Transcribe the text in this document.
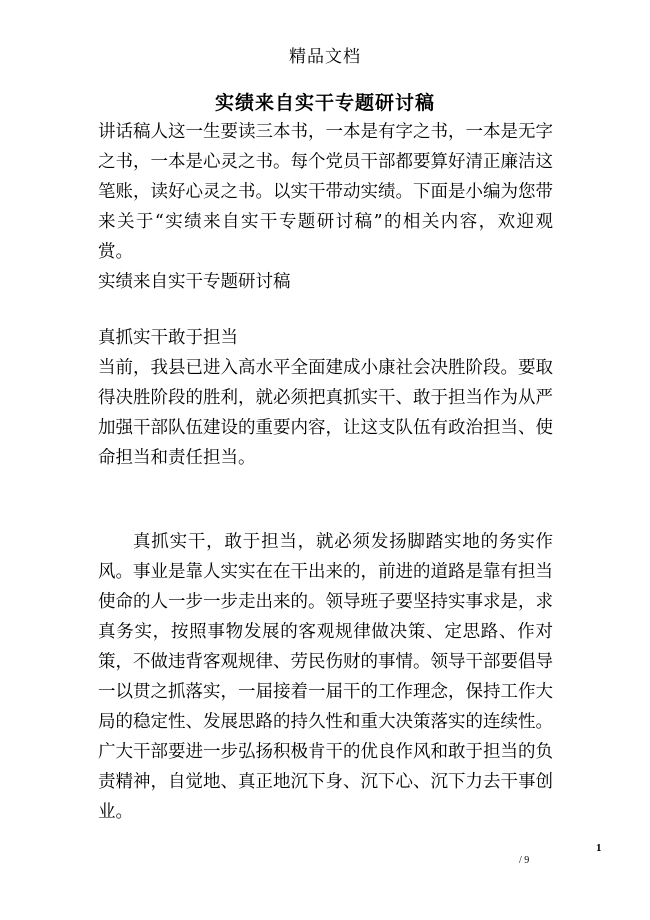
精品文档
实绩来自实干专题研讨稿
讲话稿人这一生要读三本书，一本是有字之书，一本是无字之书，一本是心灵之书。每个党员干部都要算好清正廉洁这笔账，读好心灵之书。以实干带动实绩。下面是小编为您带来关于“实绩来自实干专题研讨稿”的相关内容，欢迎观赏。
实绩来自实干专题研讨稿
真抓实干敢于担当
当前，我县已进入高水平全面建成小康社会决胜阶段。要取得决胜阶段的胜利，就必须把真抓实干、敢于担当作为从严加强干部队伍建设的重要内容，让这支队伍有政治担当、使命担当和责任担当。
真抓实干，敢于担当，就必须发扬脚踏实地的务实作风。事业是靠人实实在在干出来的，前进的道路是靠有担当使命的人一步一步走出来的。领导班子要坚持实事求是，求真务实，按照事物发展的客观规律做决策、定思路、作对策，不做违背客观规律、劳民伤财的事情。领导干部要倡导一以贯之抓落实，一届接着一届干的工作理念，保持工作大局的稳定性、发展思路的持久性和重大决策落实的连续性。广大干部要进一步弘扬积极肯干的优良作风和敢于担当的负责精神，自觉地、真正地沉下身、沉下心、沉下力去干事创业。
1
/ 9
